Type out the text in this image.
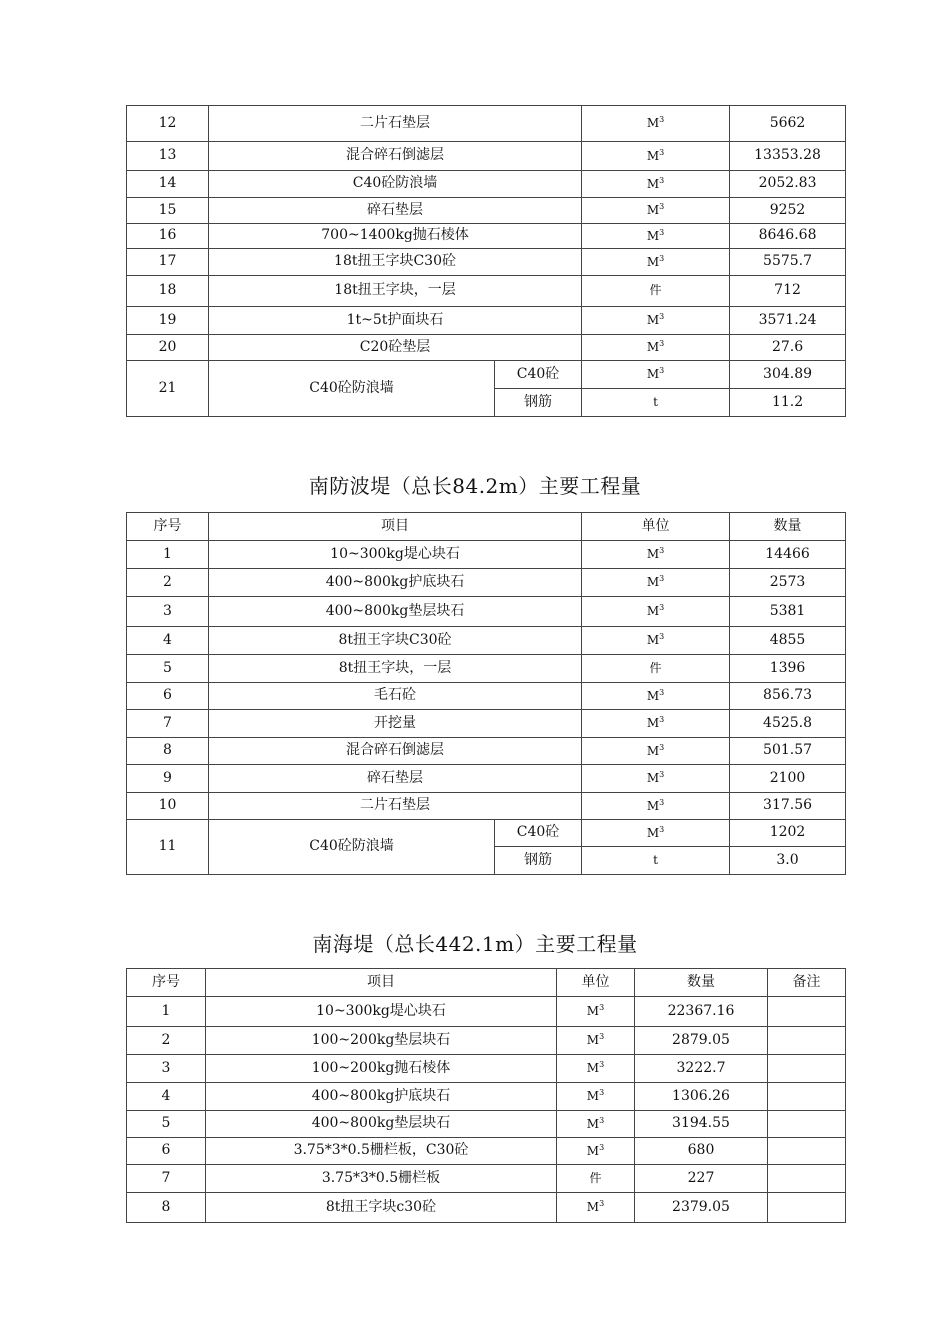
12	二片石垫层		$M^3$	5662	
13	混合碎石倒滤层		$M^3$	13353.28	
14	C40砼防浪墙		$M^3$	2052.83	
15	碎石垫层		$M^3$	9252	
16	700~1400kg抛石棱体		$M^3$	8646.68	
17	18t扭王字块C30砼		$M^3$	5575.7	
18	18t扭王字块，一层		件	712	
19	1t~5t护面块石		$M^3$	3571.24	
20	C20砼垫层		$M^3$	27.6	
21	C40砼防浪墙	C40砼	$M^3$	304.89	
		钢筋	t	11.2	
南防波堤（总长84.2m）主要工程量
序号	项目		单位	数量	
1	10~300kg堤心块石		$M^3$	14466	
2	400~800kg护底块石		$M^3$	2573	
3	400~800kg垫层块石		$M^3$	5381	
4	8t扭王字块C30砼		$M^3$	4855	
5	8t扭王字块，一层		件	1396	
6	毛石砼		$M^3$	856.73	
7	开挖量		$M^3$	4525.8	
8	混合碎石倒滤层		$M^3$	501.57	
9	碎石垫层		$M^3$	2100	
10	二片石垫层		$M^3$	317.56	
11	C40砼防浪墙	C40砼	$M^3$	1202	
		钢筋	t	3.0	
南海堤（总长442.1m）主要工程量
序号	项目	单位	数量	备注
1	10~300kg堤心块石	$M^3$	22367.16	
2	100~200kg垫层块石	$M^3$	2879.05	
3	100~200kg抛石棱体	$M^3$	3222.7	
4	400~800kg护底块石	$M^3$	1306.26	
5	400~800kg垫层块石	$M^3$	3194.55	
6	3.75*3*0.5栅栏板，C30砼	$M^3$	680	
7	3.75*3*0.5栅栏板	件	227	
8	8t扭王字块c30砼	$M^3$	2379.05	
